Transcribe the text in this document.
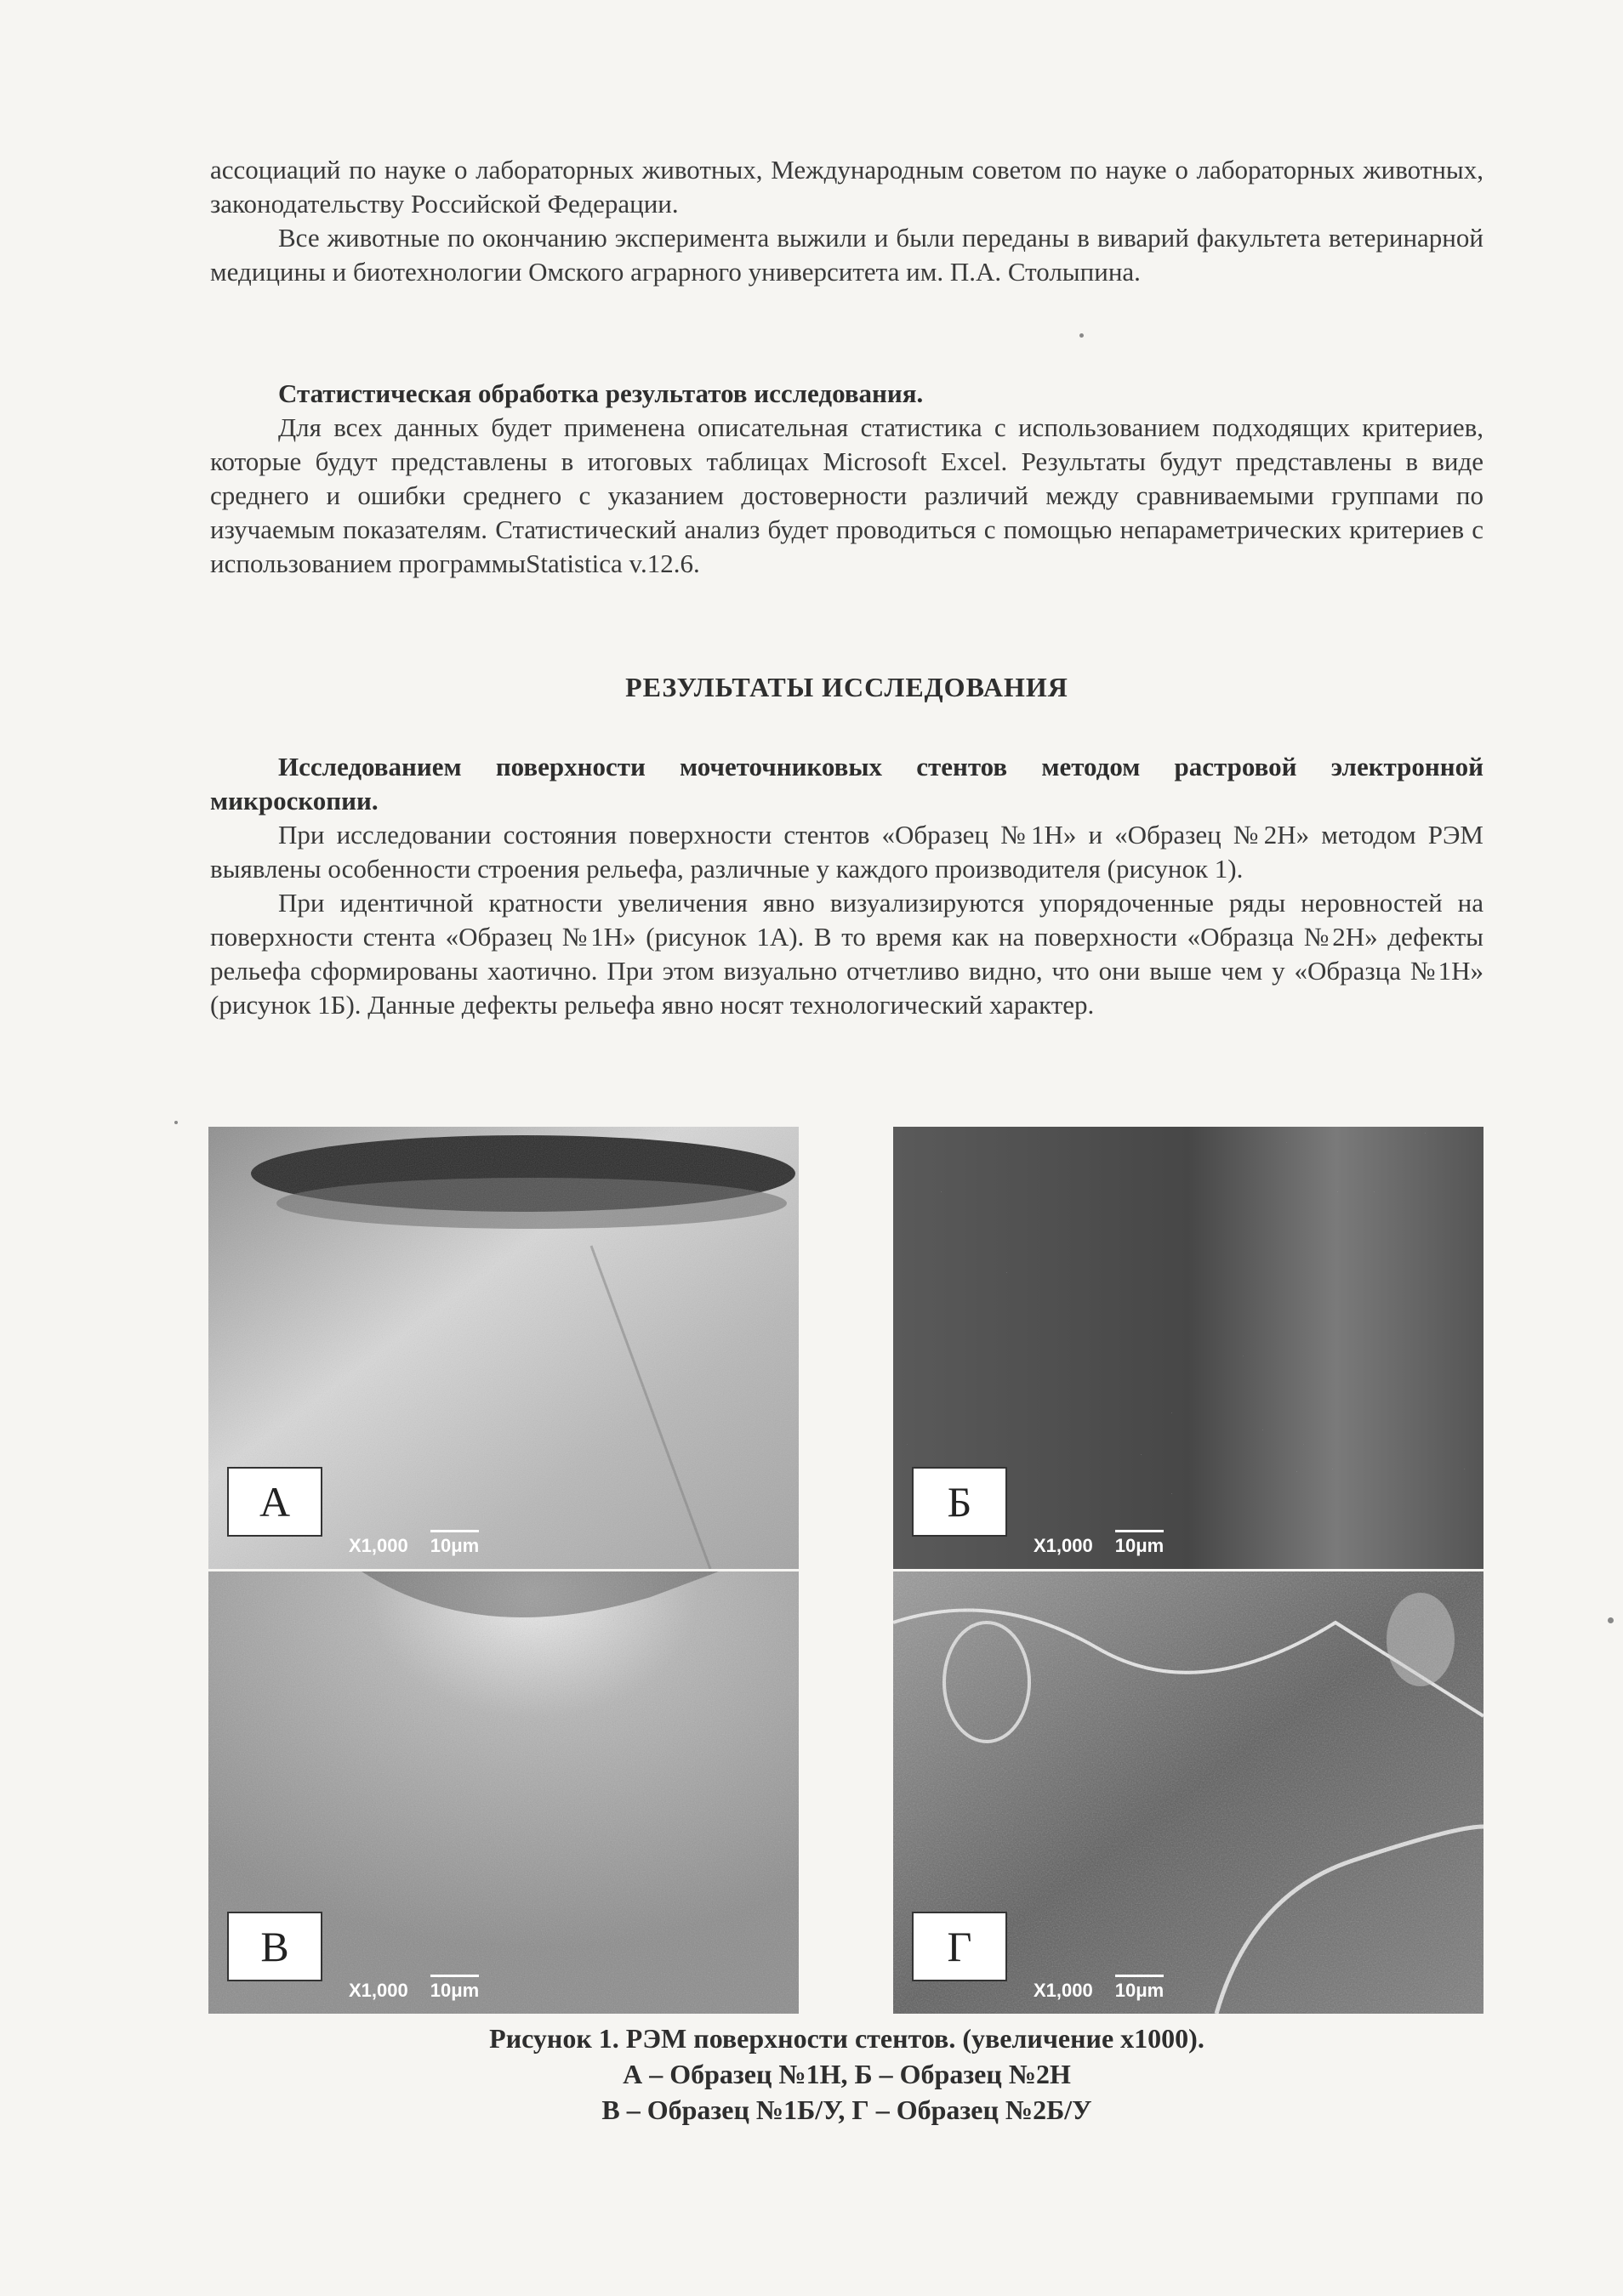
ассоциаций по науке о лабораторных животных, Международным советом по науке о лабораторных животных, законодательству Российской Федерации.

Все животные по окончанию эксперимента выжили и были переданы в виварий факультета ветеринарной медицины и биотехнологии Омского аграрного университета им. П.А. Столыпина.

Статистическая обработка результатов исследования.

Для всех данных будет применена описательная статистика с использованием подходящих критериев, которые будут представлены в итоговых таблицах Microsoft Excel. Результаты будут представлены в виде среднего и ошибки среднего с указанием достоверности различий между сравниваемыми группами по изучаемым показателям. Статистический анализ будет проводиться с помощью непараметрических критериев с использованием программыStatistica v.12.6.

РЕЗУЛЬТАТЫ ИССЛЕДОВАНИЯ

Исследованием поверхности мочеточниковых стентов методом растровой электронной микроскопии.

При исследовании состояния поверхности стентов «Образец №1Н» и «Образец №2Н» методом РЭМ выявлены особенности строения рельефа, различные у каждого производителя (рисунок 1).

При идентичной кратности увеличения явно визуализируются упорядоченные ряды неровностей на поверхности стента «Образец №1Н» (рисунок 1А). В то время как на поверхности «Образца №2Н» дефекты рельефа сформированы хаотично. При этом визуально отчетливо видно, что они выше чем у «Образца №1Н» (рисунок 1Б). Данные дефекты рельефа явно носят технологический характер.

А
X1,000 10μm
Б
X1,000 10μm
В
X1,000 10μm
Г
X1,000 10μm
Рисунок 1. РЭМ поверхности стентов. (увеличение х1000).
А – Образец №1Н, Б – Образец №2Н
В – Образец №1Б/У, Г – Образец №2Б/У
